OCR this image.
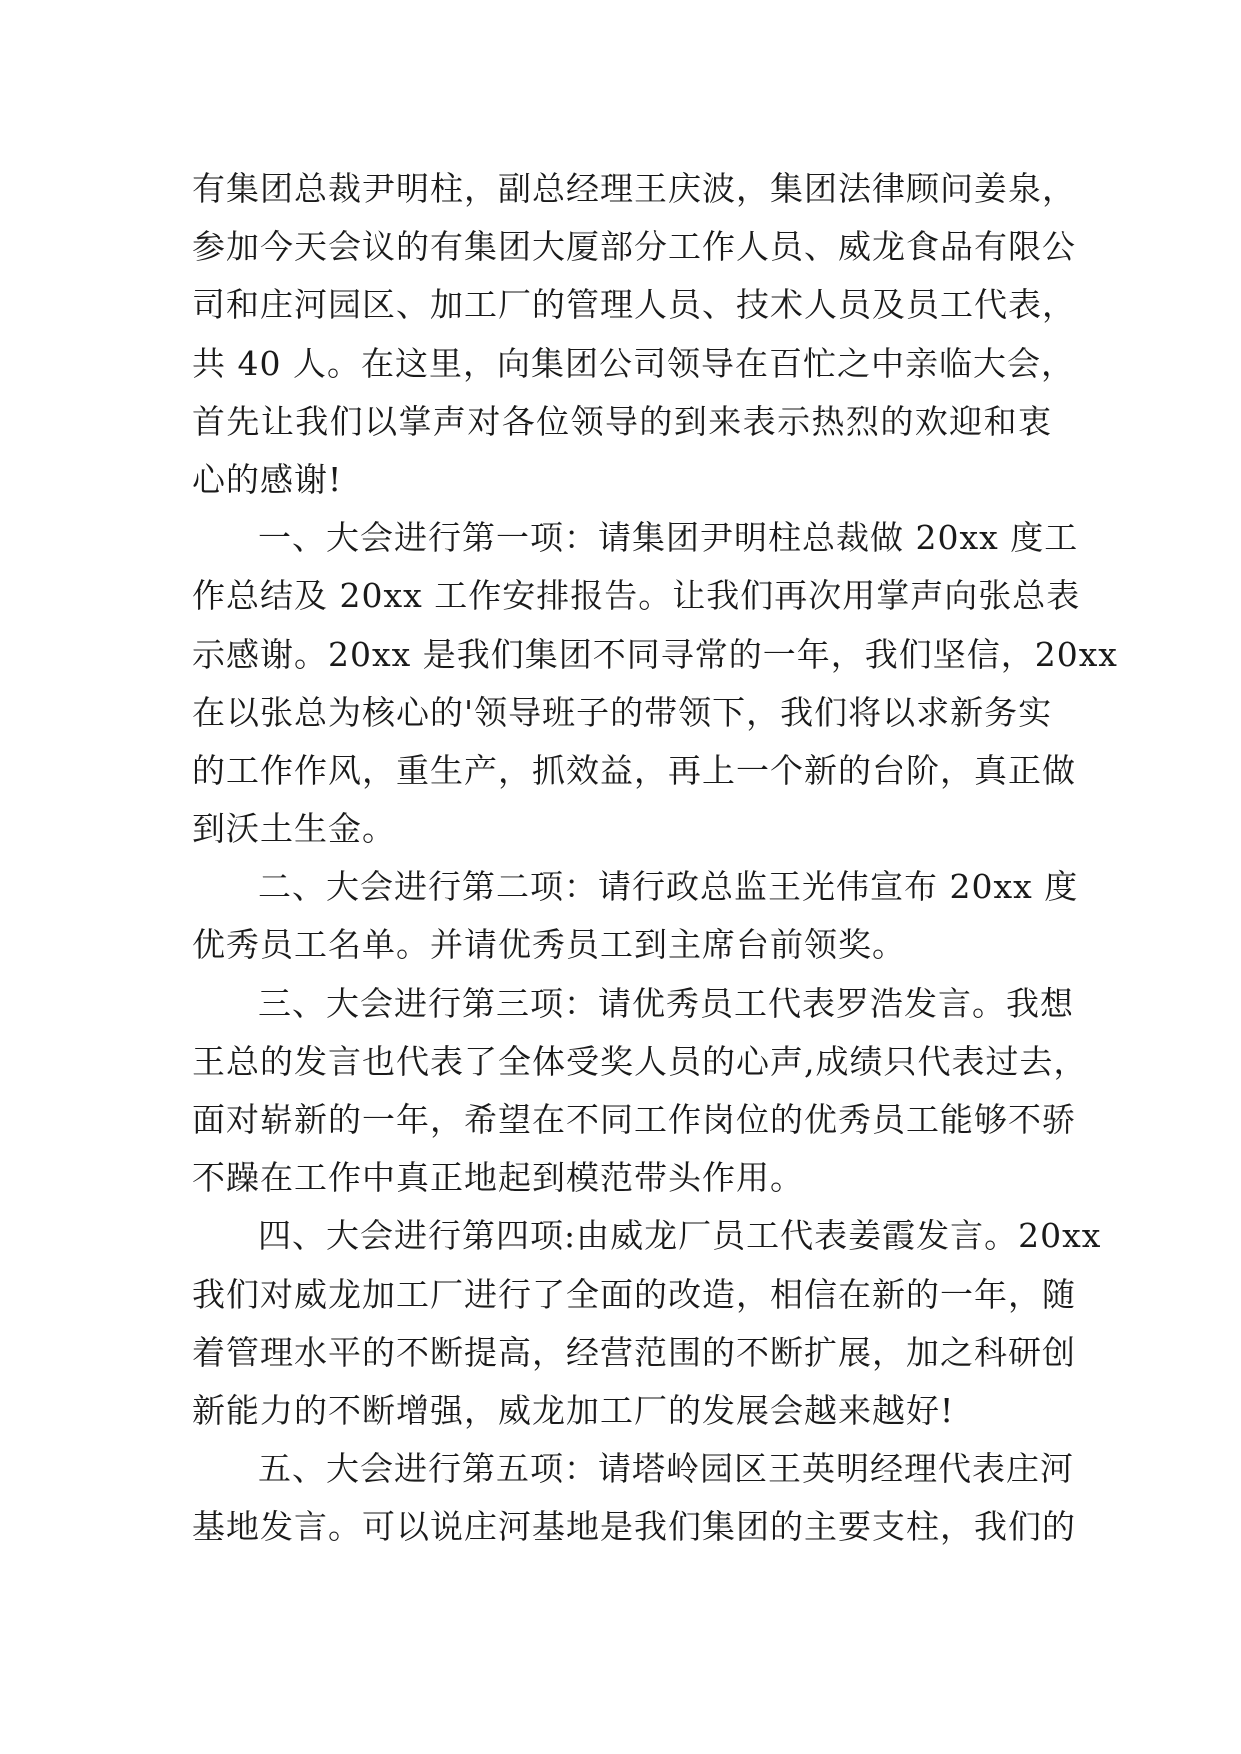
有集团总裁尹明柱，副总经理王庆波，集团法律顾问姜泉，
参加今天会议的有集团大厦部分工作人员、威龙食品有限公
司和庄河园区、加工厂的管理人员、技术人员及员工代表，
共 40 人。在这里，向集团公司领导在百忙之中亲临大会，
首先让我们以掌声对各位领导的到来表示热烈的欢迎和衷
心的感谢!
一、大会进行第一项：请集团尹明柱总裁做 20xx 度工
作总结及 20xx 工作安排报告。让我们再次用掌声向张总表
示感谢。20xx 是我们集团不同寻常的一年，我们坚信，20xx
在以张总为核心的'领导班子的带领下，我们将以求新务实
的工作作风，重生产，抓效益，再上一个新的台阶，真正做
到沃土生金。
二、大会进行第二项：请行政总监王光伟宣布 20xx 度
优秀员工名单。并请优秀员工到主席台前领奖。
三、大会进行第三项：请优秀员工代表罗浩发言。我想
王总的发言也代表了全体受奖人员的心声,成绩只代表过去，
面对崭新的一年，希望在不同工作岗位的优秀员工能够不骄
不躁在工作中真正地起到模范带头作用。
四、大会进行第四项:由威龙厂员工代表姜霞发言。20xx
我们对威龙加工厂进行了全面的改造，相信在新的一年，随
着管理水平的不断提高，经营范围的不断扩展，加之科研创
新能力的不断增强，威龙加工厂的发展会越来越好!
五、大会进行第五项：请塔岭园区王英明经理代表庄河
基地发言。可以说庄河基地是我们集团的主要支柱，我们的
